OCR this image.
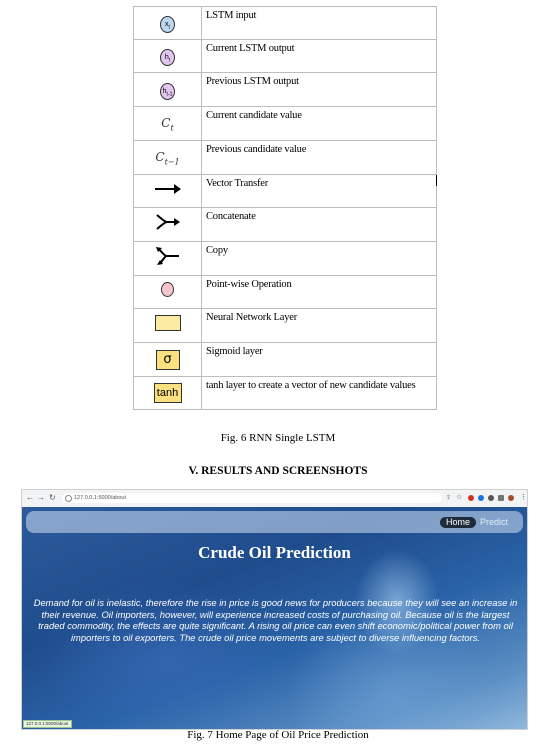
$x_t$	LSTM input
$h_t$	Current LSTM output
$h_{t-1}$	Previous LSTM output
$C_t$	Current candidate value
$C_{t-1}$	Previous candidate value
	Vector Transfer
	Concatenate
	Copy
	Point-wise Operation
	Neural Network Layer
σ	Sigmoid layer
tanh	tanh layer to create a vector of new candidate values
Fig. 6 RNN Single LSTM
V. RESULTS AND SCREENSHOTS
← → ↻	127.0.0.1:5000/about	⇪ ☆	⋮
Home	Predict
Crude Oil Prediction
Demand for oil is inelastic, therefore the rise in price is good news for producers because they will see an increase in their revenue. Oil importers, however, will experience increased costs of purchasing oil. Because oil is the largest traded commodity, the effects are quite significant. A rising oil price can even shift economic/political power from oil importers to oil exporters. The crude oil price movements are subject to diverse influencing factors.
127.0.0.1:5000/about
Fig. 7 Home Page of Oil Price Prediction
